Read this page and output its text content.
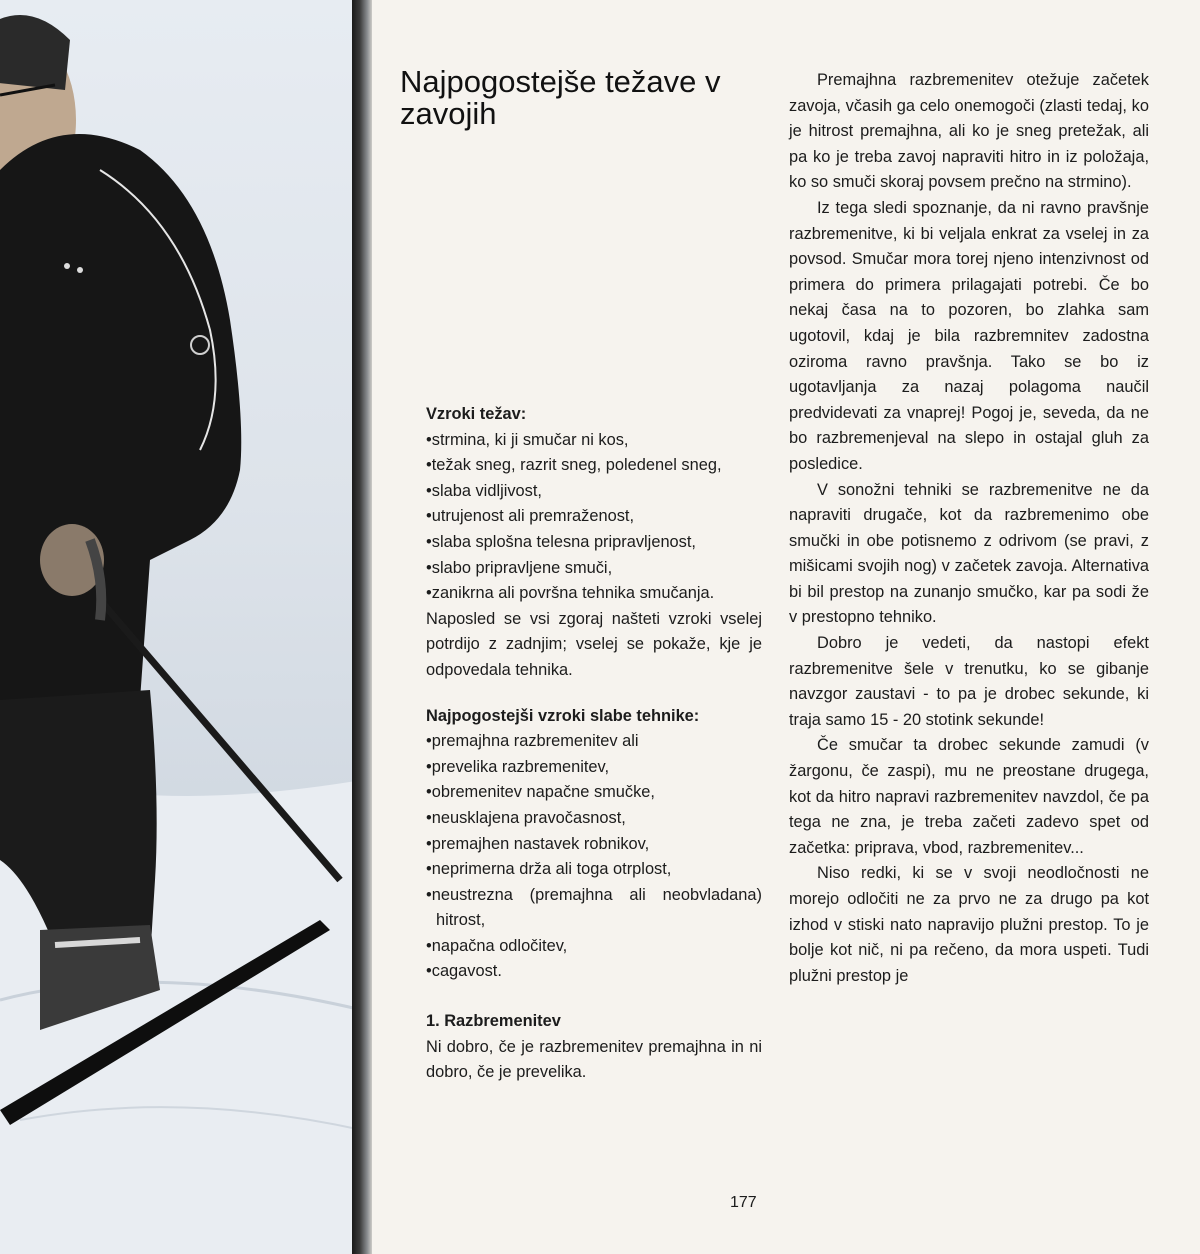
Najpogostejše težave v zavojih

Vzroki težav:

• strmina, ki ji smučar ni kos,

• težak sneg, razrit sneg, poledenel sneg,

• slaba vidljivost,

• utrujenost ali premraženost,

• slaba splošna telesna pripravljenost,

• slabo pripravljene smuči,

• zanikrna ali površna tehnika smučanja.

Naposled se vsi zgoraj našteti vzroki vselej potrdijo z zadnjim; vselej se pokaže, kje je odpovedala tehnika.

Najpogostejši vzroki slabe tehnike:

• premajhna razbremenitev ali

• prevelika razbremenitev,

• obremenitev napačne smučke,

• neusklajena pravočasnost,

• premajhen nastavek robnikov,

• neprimerna drža ali toga otrplost,

• neustrezna (premajhna ali neobvladana) hitrost,

• napačna odločitev,

• cagavost.

1. Razbremenitev

Ni dobro, če je razbremenitev premajhna in ni dobro, če je prevelika.

Premajhna razbremenitev otežuje začetek zavoja, včasih ga celo onemogoči (zlasti tedaj, ko je hitrost premajhna, ali ko je sneg pretežak, ali pa ko je treba zavoj napraviti hitro in iz položaja, ko so smuči skoraj povsem prečno na strmino).

Iz tega sledi spoznanje, da ni ravno pravšnje razbremenitve, ki bi veljala enkrat za vselej in za povsod. Smučar mora torej njeno intenzivnost od primera do primera prilagajati potrebi. Če bo nekaj časa na to pozoren, bo zlahka sam ugotovil, kdaj je bila razbremnitev zadostna oziroma ravno pravšnja. Tako se bo iz ugotavljanja za nazaj polagoma naučil predvidevati za vnaprej! Pogoj je, seveda, da ne bo razbremenjeval na slepo in ostajal gluh za posledice.

V sonožni tehniki se razbremenitve ne da napraviti drugače, kot da razbremenimo obe smučki in obe potisnemo z odrivom (se pravi, z mišicami svojih nog) v začetek zavoja. Alternativa bi bil prestop na zunanjo smučko, kar pa sodi že v prestopno tehniko.

Dobro je vedeti, da nastopi efekt razbremenitve šele v trenutku, ko se gibanje navzgor zaustavi - to pa je drobec sekunde, ki traja samo 15 - 20 stotink sekunde!

Če smučar ta drobec sekunde zamudi (v žargonu, če zaspi), mu ne preostane drugega, kot da hitro napravi razbremenitev navzdol, če pa tega ne zna, je treba začeti zadevo spet od začetka: priprava, vbod, razbremenitev...

Niso redki, ki se v svoji neodločnosti ne morejo odločiti ne za prvo ne za drugo pa kot izhod v stiski nato napravijo plužni prestop. To je bolje kot nič, ni pa rečeno, da mora uspeti. Tudi plužni prestop je

177
